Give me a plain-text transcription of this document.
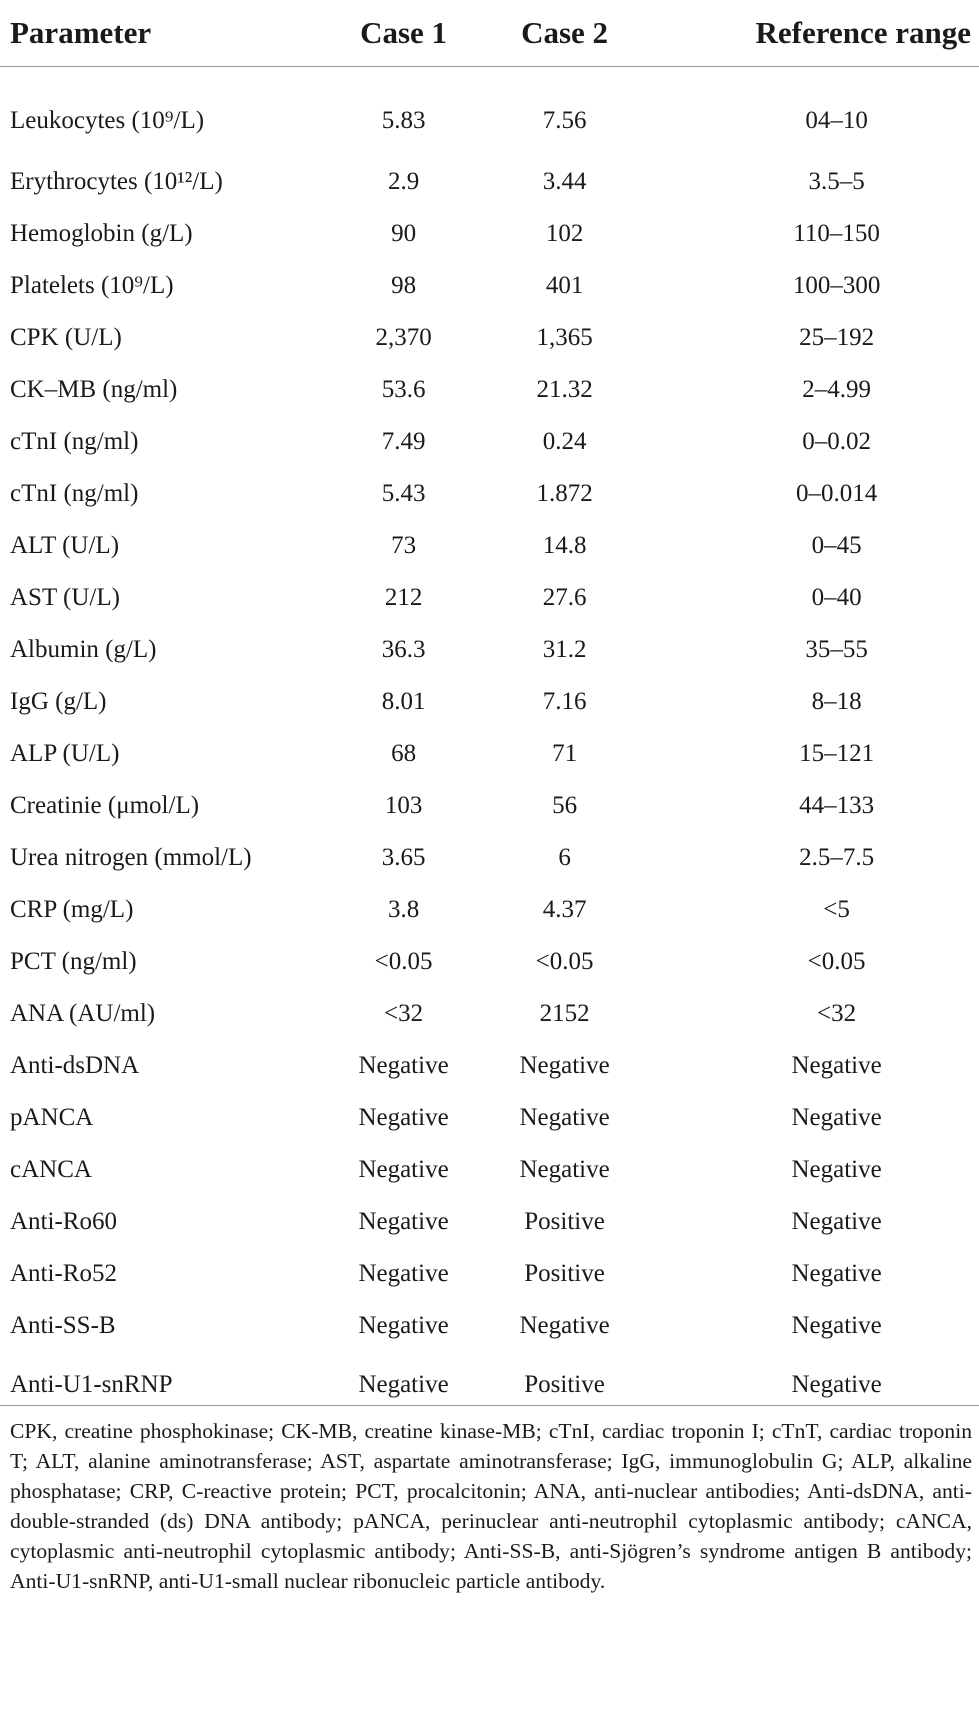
Parameter	Case 1	Case 2	Reference range
Leukocytes (10⁹/L)	5.83	7.56	04–10
Erythrocytes (10¹²/L)	2.9	3.44	3.5–5
Hemoglobin (g/L)	90	102	110–150
Platelets (10⁹/L)	98	401	100–300
CPK (U/L)	2,370	1,365	25–192
CK–MB (ng/ml)	53.6	21.32	2–4.99
cTnI (ng/ml)	7.49	0.24	0–0.02
cTnI (ng/ml)	5.43	1.872	0–0.014
ALT (U/L)	73	14.8	0–45
AST (U/L)	212	27.6	0–40
Albumin (g/L)	36.3	31.2	35–55
IgG (g/L)	8.01	7.16	8–18
ALP (U/L)	68	71	15–121
Creatinie (μmol/L)	103	56	44–133
Urea nitrogen (mmol/L)	3.65	6	2.5–7.5
CRP (mg/L)	3.8	4.37	<5
PCT (ng/ml)	<0.05	<0.05	<0.05
ANA (AU/ml)	<32	2152	<32
Anti-dsDNA	Negative	Negative	Negative
pANCA	Negative	Negative	Negative
cANCA	Negative	Negative	Negative
Anti-Ro60	Negative	Positive	Negative
Anti-Ro52	Negative	Positive	Negative
Anti-SS-B	Negative	Negative	Negative
Anti-U1-snRNP	Negative	Positive	Negative

CPK, creatine phosphokinase; CK-MB, creatine kinase-MB; cTnI, cardiac troponin I; cTnT, cardiac troponin T; ALT, alanine aminotransferase; AST, aspartate aminotransferase; IgG, immunoglobulin G; ALP, alkaline phosphatase; CRP, C-reactive protein; PCT, procalcitonin; ANA, anti-nuclear antibodies; Anti-dsDNA, anti-double-stranded (ds) DNA antibody; pANCA, perinuclear anti-neutrophil cytoplasmic antibody; cANCA, cytoplasmic anti-neutrophil cytoplasmic antibody; Anti-SS-B, anti-Sjögren’s syndrome antigen B antibody; Anti-U1-snRNP, anti-U1-small nuclear ribonucleic particle antibody.
